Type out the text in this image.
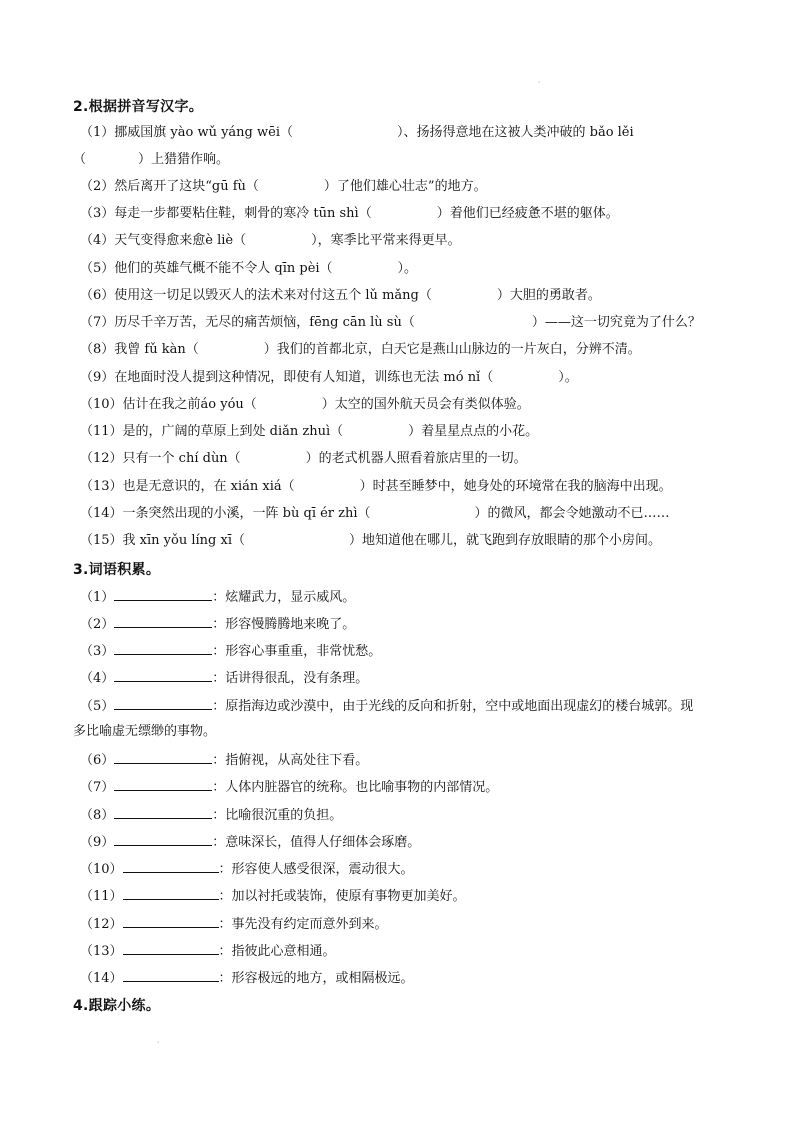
'
2.根据拼音写汉字。
（1）挪威国旗 yào wǔ yáng wēi（　　　　　　　　）、扬扬得意地在这被人类冲破的 bǎo lěi
（　　　　）上猎猎作响。
（2）然后离开了这块“gū fù（　　　　　）了他们雄心壮志”的地方。
（3）每走一步都要粘住鞋，刺骨的寒冷 tūn shì（　　　　　）着他们已经疲惫不堪的躯体。
（4）天气变得愈来愈è liè（　　　　　），寒季比平常来得更早。
（5）他们的英雄气概不能不令人 qīn pèi（　　　　　）。
（6）使用这一切足以毁灭人的法术来对付这五个 lǔ mǎng（　　　　　）大胆的勇敢者。
（7）历尽千辛万苦，无尽的痛苦烦恼，fēng cān lù sù（　　　　　　　　　）——这一切究竟为了什么？
（8）我曾 fǔ kàn（　　　　　）我们的首都北京，白天它是燕山山脉边的一片灰白，分辨不清。
（9）在地面时没人提到这种情况，即使有人知道，训练也无法 mó nǐ（　　　　　）。
（10）估计在我之前áo yóu（　　　　　）太空的国外航天员会有类似体验。
（11）是的，广阔的草原上到处 diǎn zhuì（　　　　　）着星星点点的小花。
（12）只有一个 chí dùn（　　　　　）的老式机器人照看着旅店里的一切。
（13）也是无意识的，在 xián xiá（　　　　　）时甚至睡梦中，她身处的环境常在我的脑海中出现。
（14）一条突然出现的小溪，一阵 bù qī ér zhì（　　　　　　　　）的微风，都会令她激动不已……
（15）我 xīn yǒu líng xī（　　　　　　　　）地知道他在哪儿，就飞跑到存放眼睛的那个小房间。
3.词语积累。
（1）	：炫耀武力，显示威风。
（2）	：形容慢腾腾地来晚了。
（3）	：形容心事重重，非常忧愁。
（4）	：话讲得很乱，没有条理。
（5）	：原指海边或沙漠中，由于光线的反向和折射，空中或地面出现虚幻的楼台城郭。现
多比喻虚无缥缈的事物。
（6）	：指俯视，从高处往下看。
（7）	：人体内脏器官的统称。也比喻事物的内部情况。
（8）	：比喻很沉重的负担。
（9）	：意味深长，值得人仔细体会琢磨。
（10）	：形容使人感受很深，震动很大。
（11）	：加以衬托或装饰，使原有事物更加美好。
（12）	：事先没有约定而意外到来。
（13）	：指彼此心意相通。
（14）	：形容极远的地方，或相隔极远。
4.跟踪小练。
'
